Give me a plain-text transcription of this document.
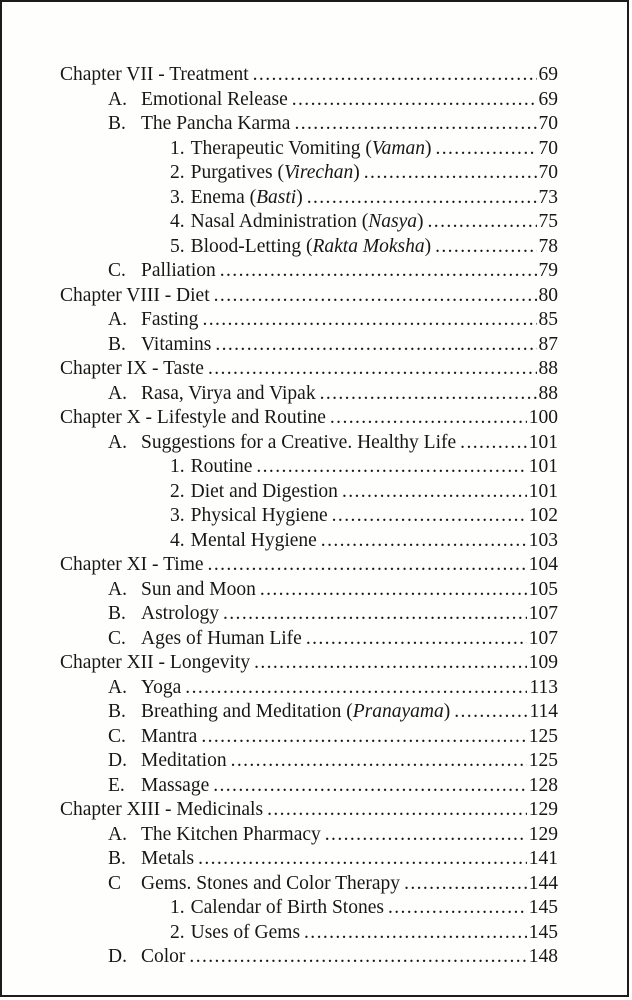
Chapter VII - Treatment .....	69
A. Emotional Release .....	69
B. The Pancha Karma .....	70
1. Therapeutic Vomiting (Vaman) .....	70
2. Purgatives (Virechan) .....	70
3. Enema (Basti) .....	73
4. Nasal Administration (Nasya) .....	75
5. Blood-Letting (Rakta Moksha) .....	78
C. Palliation .....	79
Chapter VIII - Diet .....	80
A. Fasting .....	85
B. Vitamins .....	87
Chapter IX - Taste .....	88
A. Rasa, Virya and Vipak .....	88
Chapter X - Lifestyle and Routine .....	100
A. Suggestions for a Creative. Healthy Life .....	101
1. Routine .....	101
2. Diet and Digestion .....	101
3. Physical Hygiene .....	102
4. Mental Hygiene .....	103
Chapter XI - Time .....	104
A. Sun and Moon .....	105
B. Astrology .....	107
C. Ages of Human Life .....	107
Chapter XII - Longevity .....	109
A. Yoga .....	113
B. Breathing and Meditation (Pranayama) .....	114
C. Mantra .....	125
D. Meditation .....	125
E. Massage .....	128
Chapter XIII - Medicinals .....	129
A. The Kitchen Pharmacy .....	129
B. Metals .....	141
C	Gems. Stones and Color Therapy .....	144
1. Calendar of Birth Stones .....	145
2. Uses of Gems .....	145
D. Color .....	148
